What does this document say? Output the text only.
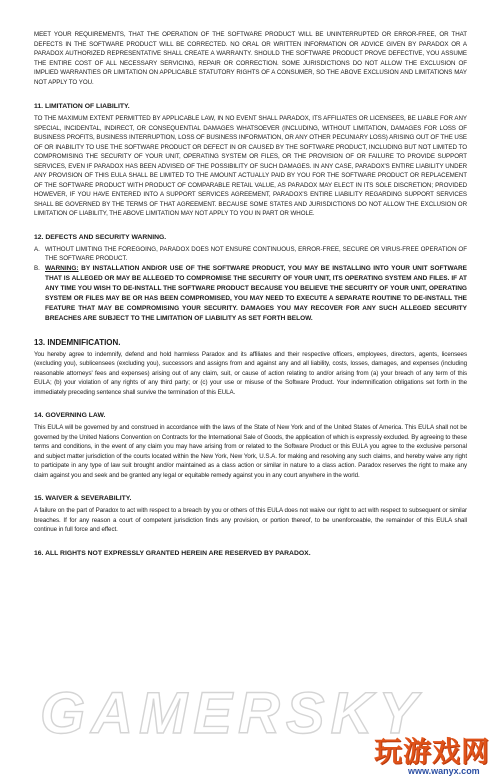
MEET YOUR REQUIREMENTS, THAT THE OPERATION OF THE SOFTWARE PRODUCT WILL BE UNINTERRUPTED OR ERROR-FREE, OR THAT DEFECTS IN THE SOFTWARE PRODUCT WILL BE CORRECTED. NO ORAL OR WRITTEN INFORMATION OR ADVICE GIVEN BY PARADOX OR A PARADOX AUTHORIZED REPRESENTATIVE SHALL CREATE A WARRANTY. SHOULD THE SOFTWARE PRODUCT PROVE DEFECTIVE, YOU ASSUME THE ENTIRE COST OF ALL NECESSARY SERVICING, REPAIR OR CORRECTION. SOME JURISDICTIONS DO NOT ALLOW THE EXCLUSION OF IMPLIED WARRANTIES OR LIMITATION ON APPLICABLE STATUTORY RIGHTS OF A CONSUMER, SO THE ABOVE EXCLUSION AND LIMITATIONS MAY NOT APPLY TO YOU.

11. LIMITATION OF LIABILITY.

TO THE MAXIMUM EXTENT PERMITTED BY APPLICABLE LAW, IN NO EVENT SHALL PARADOX, ITS AFFILIATES OR LICENSEES, BE LIABLE FOR ANY SPECIAL, INCIDENTAL, INDIRECT, OR CONSEQUENTIAL DAMAGES WHATSOEVER (INCLUDING, WITHOUT LIMITATION, DAMAGES FOR LOSS OF BUSINESS PROFITS, BUSINESS INTERRUPTION, LOSS OF BUSINESS INFORMATION, OR ANY OTHER PECUNIARY LOSS) ARISING OUT OF THE USE OF OR INABILITY TO USE THE SOFTWARE PRODUCT OR DEFECT IN OR CAUSED BY THE SOFTWARE PRODUCT, INCLUDING BUT NOT LIMITED TO COMPROMISING THE SECURITY OF YOUR UNIT, OPERATING SYSTEM OR FILES, OR THE PROVISION OF OR FAILURE TO PROVIDE SUPPORT SERVICES, EVEN IF PARADOX HAS BEEN ADVISED OF THE POSSIBILITY OF SUCH DAMAGES. IN ANY CASE, PARADOX'S ENTIRE LIABILITY UNDER ANY PROVISION OF THIS EULA SHALL BE LIMITED TO THE AMOUNT ACTUALLY PAID BY YOU FOR THE SOFTWARE PRODUCT OR REPLACEMENT OF THE SOFTWARE PRODUCT WITH PRODUCT OF COMPARABLE RETAIL VALUE, AS PARADOX MAY ELECT IN ITS SOLE DISCRETION; PROVIDED HOWEVER, IF YOU HAVE ENTERED INTO A SUPPORT SERVICES AGREEMENT, PARADOX'S ENTIRE LIABILITY REGARDING SUPPORT SERVICES SHALL BE GOVERNED BY THE TERMS OF THAT AGREEMENT. BECAUSE SOME STATES AND JURISDICTIONS DO NOT ALLOW THE EXCLUSION OR LIMITATION OF LIABILITY, THE ABOVE LIMITATION MAY NOT APPLY TO YOU IN PART OR WHOLE.

12. DEFECTS AND SECURITY WARNING.

A. WITHOUT LIMITING THE FOREGOING, PARADOX DOES NOT ENSURE CONTINUOUS, ERROR-FREE, SECURE OR VIRUS-FREE OPERATION OF THE SOFTWARE PRODUCT.
B. WARNING: BY INSTALLATION AND/OR USE OF THE SOFTWARE PRODUCT, YOU MAY BE INSTALLING INTO YOUR UNIT SOFTWARE THAT IS ALLEGED OR MAY BE ALLEGED TO COMPROMISE THE SECURITY OF YOUR UNIT, ITS OPERATING SYSTEM AND FILES. IF AT ANY TIME YOU WISH TO DE-INSTALL THE SOFTWARE PRODUCT BECAUSE YOU BELIEVE THE SECURITY OF YOUR UNIT, OPERATING SYSTEM OR FILES MAY BE OR HAS BEEN COMPROMISED, YOU MAY NEED TO EXECUTE A SEPARATE ROUTINE TO DE-INSTALL THE FEATURE THAT MAY BE COMPROMISING YOUR SECURITY. DAMAGES YOU MAY RECOVER FOR ANY SUCH ALLEGED SECURITY BREACHES ARE SUBJECT TO THE LIMITATION OF LIABILITY AS SET FORTH BELOW.

13. INDEMNIFICATION.

You hereby agree to indemnify, defend and hold harmless Paradox and its affiliates and their respective officers, employees, directors, agents, licensees (excluding you), sublicensees (excluding you), successors and assigns from and against any and all liability, costs, losses, damages, and expenses (including reasonable attorneys' fees and expenses) arising out of any claim, suit, or cause of action relating to and/or arising from (a) your breach of any term of this EULA; (b) your violation of any rights of any third party; or (c) your use or misuse of the Software Product. Your indemnification obligations set forth in the immediately preceding sentence shall survive the termination of this EULA.

14. GOVERNING LAW.

This EULA will be governed by and construed in accordance with the laws of the State of New York and of the United States of America. This EULA shall not be governed by the United Nations Convention on Contracts for the International Sale of Goods, the application of which is expressly excluded. By agreeing to these terms and conditions, in the event of any claim you may have arising from or related to the Software Product or this EULA you agree to the exclusive personal and subject matter jurisdiction of the courts located within the New York, New York, U.S.A. for making and resolving any such claims, and hereby waive any right to participate in any type of law suit brought and/or maintained as a class action or similar in nature to a class action. Paradox reserves the right to make any claim against you and seek and be granted any legal or equitable remedy against you in any court anywhere in the world.

15. WAIVER & SEVERABILITY.

A failure on the part of Paradox to act with respect to a breach by you or others of this EULA does not waive our right to act with respect to subsequent or similar breaches. If for any reason a court of competent jurisdiction finds any provision, or portion thereof, to be unenforceable, the remainder of this EULA shall continue in full force and effect.

16. ALL RIGHTS NOT EXPRESSLY GRANTED HEREIN ARE RESERVED BY PARADOX.

GAMERSKY
玩游戏网
www.wanyx.com
